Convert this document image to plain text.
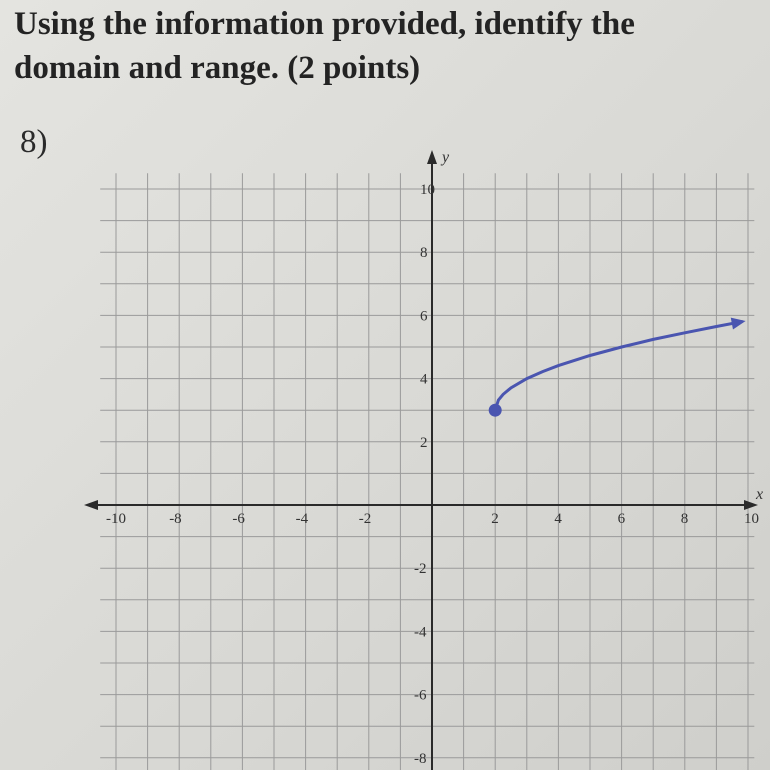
Using the information provided, identify the
domain and range. (2 points)
8)
x
y
-10	-8	-6	-4	-2	2	4	6	8	10
10
8
6
4
2
-2
-4
-6
-8
